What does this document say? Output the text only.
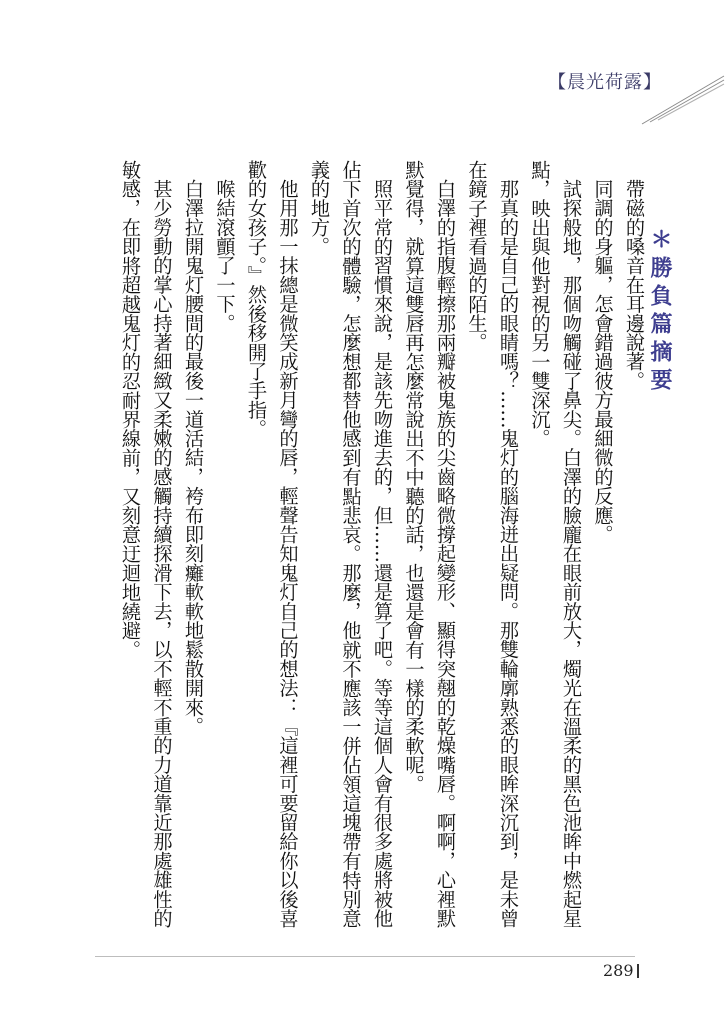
【晨光荷露】
＊勝負篇摘要

帶磁的嗓音在耳邊說著。

同調的身軀，怎會錯過彼方最細微的反應。

試探般地，那個吻觸碰了鼻尖。白澤的臉龐在眼前放大，燭光在溫柔的黑色池眸中燃起星點，映出與他對視的另一雙深沉。

那真的是自己的眼睛嗎？……鬼灯的腦海迸出疑問。那雙輪廓熟悉的眼眸深沉到，是未曾在鏡子裡看過的陌生。

白澤的指腹輕擦那兩瓣被鬼族的尖齒略微撐起變形、顯得突翹的乾燥嘴唇。啊啊，心裡默默覺得，就算這雙唇再怎麼常說出不中聽的話，也還是會有一樣的柔軟呢。

照平常的習慣來說，是該先吻進去的，但……還是算了吧。等等這個人會有很多處將被他佔下首次的體驗，怎麼想都替他感到有點悲哀。那麼，他就不應該一併佔領這塊帶有特別意義的地方。

他用那一抹總是微笑成新月彎的唇，輕聲告知鬼灯自己的想法：『這裡可要留給你以後喜歡的女孩子。』然後移開了手指。

喉結滾顫了一下。

白澤拉開鬼灯腰間的最後一道活結，袴布即刻癱軟軟地鬆散開來。

甚少勞動的掌心持著細緻又柔嫩的感觸持續探滑下去，以不輕不重的力道靠近那處雄性的敏感，在即將超越鬼灯的忍耐界線前，又刻意迂迴地繞避。

289
